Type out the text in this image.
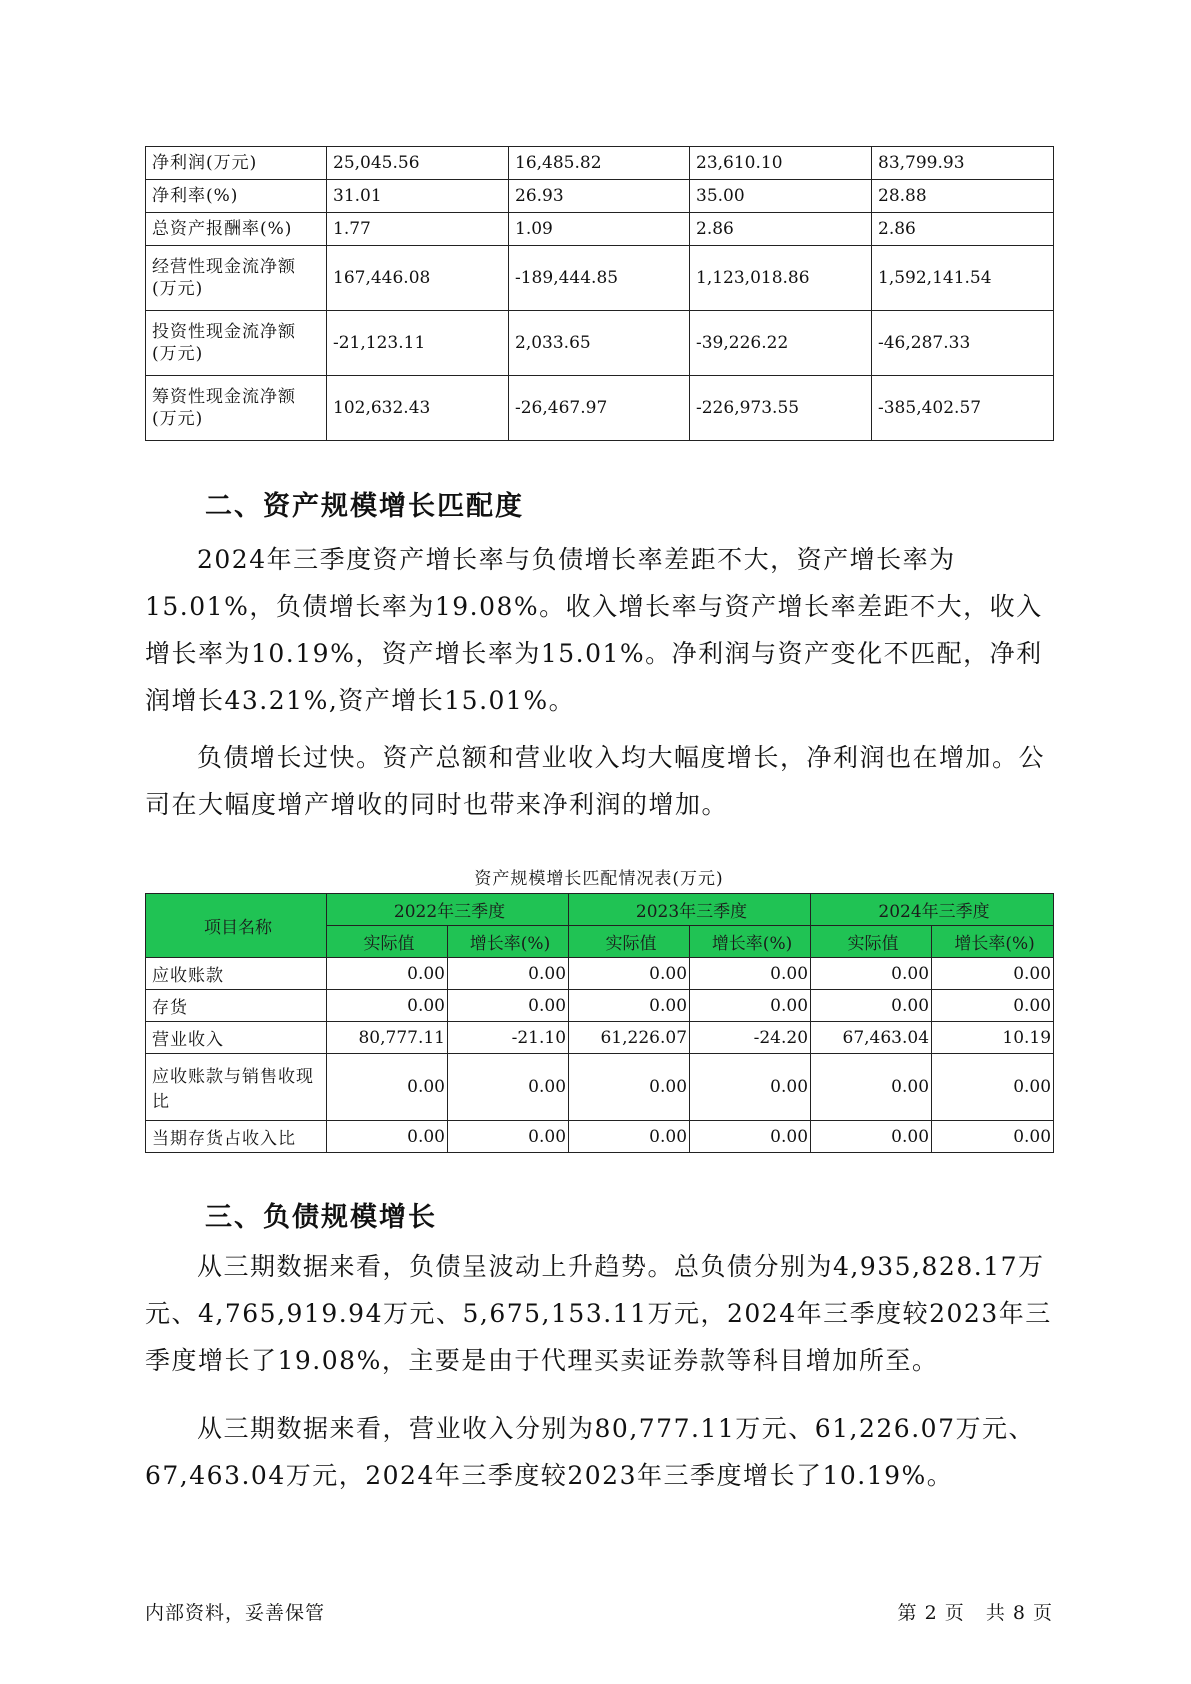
净利润(万元)	25,045.56	16,485.82	23,610.10	83,799.93
净利率(%)	31.01	26.93	35.00	28.88
总资产报酬率(%)	1.77	1.09	2.86	2.86
经营性现金流净额(万元)	167,446.08	-189,444.85	1,123,018.86	1,592,141.54
投资性现金流净额(万元)	-21,123.11	2,033.65	-39,226.22	-46,287.33
筹资性现金流净额(万元)	102,632.43	-26,467.97	-226,973.55	-385,402.57
二、资产规模增长匹配度

2024年三季度资产增长率与负债增长率差距不大，资产增长率为15.01%，负债增长率为19.08%。收入增长率与资产增长率差距不大，收入增长率为10.19%，资产增长率为15.01%。净利润与资产变化不匹配，净利润增长43.21%,资产增长15.01%。

负债增长过快。资产总额和营业收入均大幅度增长，净利润也在增加。公司在大幅度增产增收的同时也带来净利润的增加。

资产规模增长匹配情况表(万元)
项目名称	2022年三季度		2023年三季度		2024年三季度	
	实际值	增长率(%)	实际值	增长率(%)	实际值	增长率(%)
应收账款	0.00	0.00	0.00	0.00	0.00	0.00
存货	0.00	0.00	0.00	0.00	0.00	0.00
营业收入	80,777.11	-21.10	61,226.07	-24.20	67,463.04	10.19
应收账款与销售收现比	0.00	0.00	0.00	0.00	0.00	0.00
当期存货占收入比	0.00	0.00	0.00	0.00	0.00	0.00
三、负债规模增长

从三期数据来看，负债呈波动上升趋势。总负债分别为4,935,828.17万元、4,765,919.94万元、5,675,153.11万元，2024年三季度较2023年三季度增长了19.08%，主要是由于代理买卖证券款等科目增加所至。

从三期数据来看，营业收入分别为80,777.11万元、61,226.07万元、67,463.04万元，2024年三季度较2023年三季度增长了10.19%。

内部资料，妥善保管	第 2 页   共 8 页
